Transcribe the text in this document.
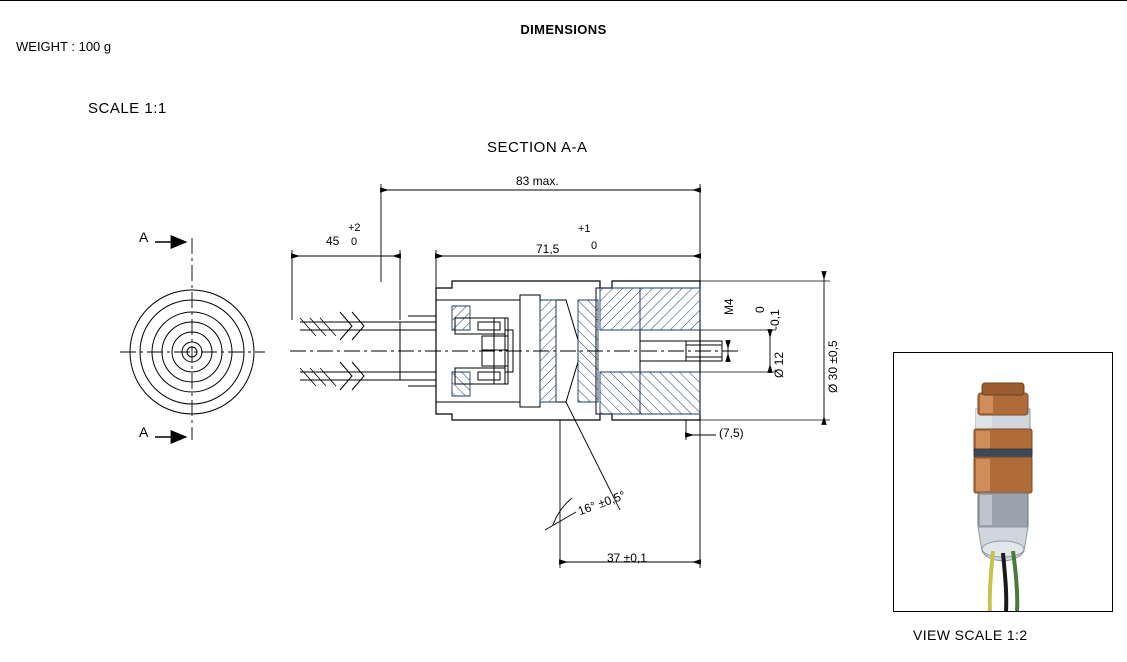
DIMENSIONS
WEIGHT : 100 g
SCALE 1:1
SECTION A-A
A
A
83 max.
45
+2
0	71,5
+1
0
M4 0 -0,1
Ø 12	Ø 30 ±0,5
(7,5)
16° ±0,5°
37 ±0,1
VIEW SCALE 1:2
